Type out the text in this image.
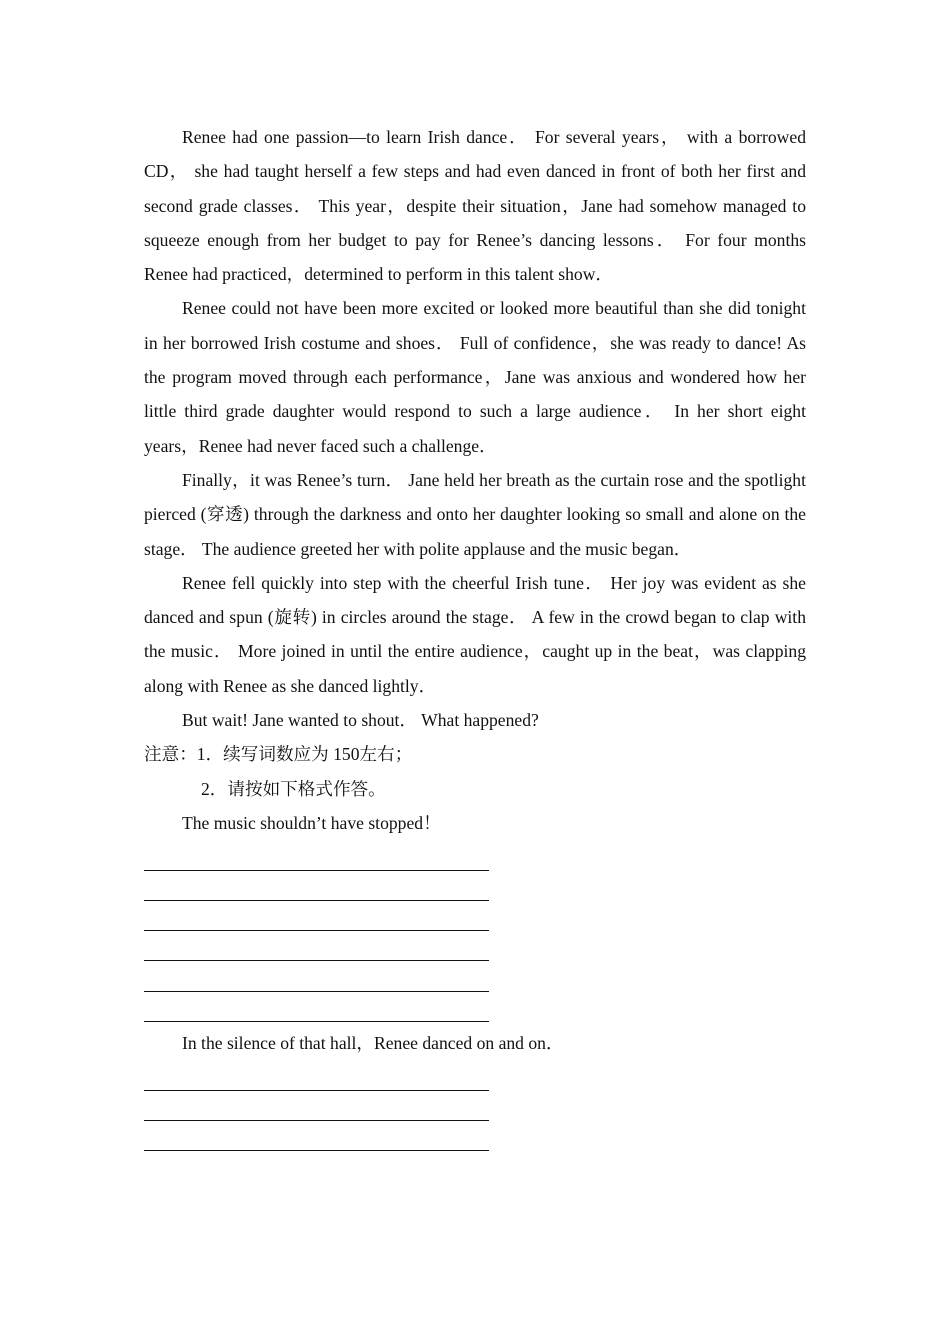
Renee had one passion—to learn Irish dance． For several years， with a borrowed CD， she had taught herself a few steps and had even danced in front of both her first and second grade classes． This year，despite their situation，Jane had somehow managed to squeeze enough from her budget to pay for Renee’s dancing lessons． For four months Renee had practiced，determined to perform in this talent show．

Renee could not have been more excited or looked more beautiful than she did tonight in her borrowed Irish costume and shoes． Full of confidence，she was ready to dance! As the program moved through each performance，Jane was anxious and wondered how her little third grade daughter would respond to such a large audience． In her short eight years，Renee had never faced such a challenge．

Finally，it was Renee’s turn． Jane held her breath as the curtain rose and the spotlight pierced (穿透) through the darkness and onto her daughter looking so small and alone on the stage． The audience greeted her with polite applause and the music began．

Renee fell quickly into step with the cheerful Irish tune． Her joy was evident as she danced and spun (旋转) in circles around the stage． A few in the crowd began to clap with the music． More joined in until the entire audience，caught up in the beat，was clapping along with Renee as she danced lightly．

But wait! Jane wanted to shout． What happened?

注意：1．续写词数应为 150左右；

2．请按如下格式作答。

The music shouldn’t have stopped！

In the silence of that hall，Renee danced on and on．
